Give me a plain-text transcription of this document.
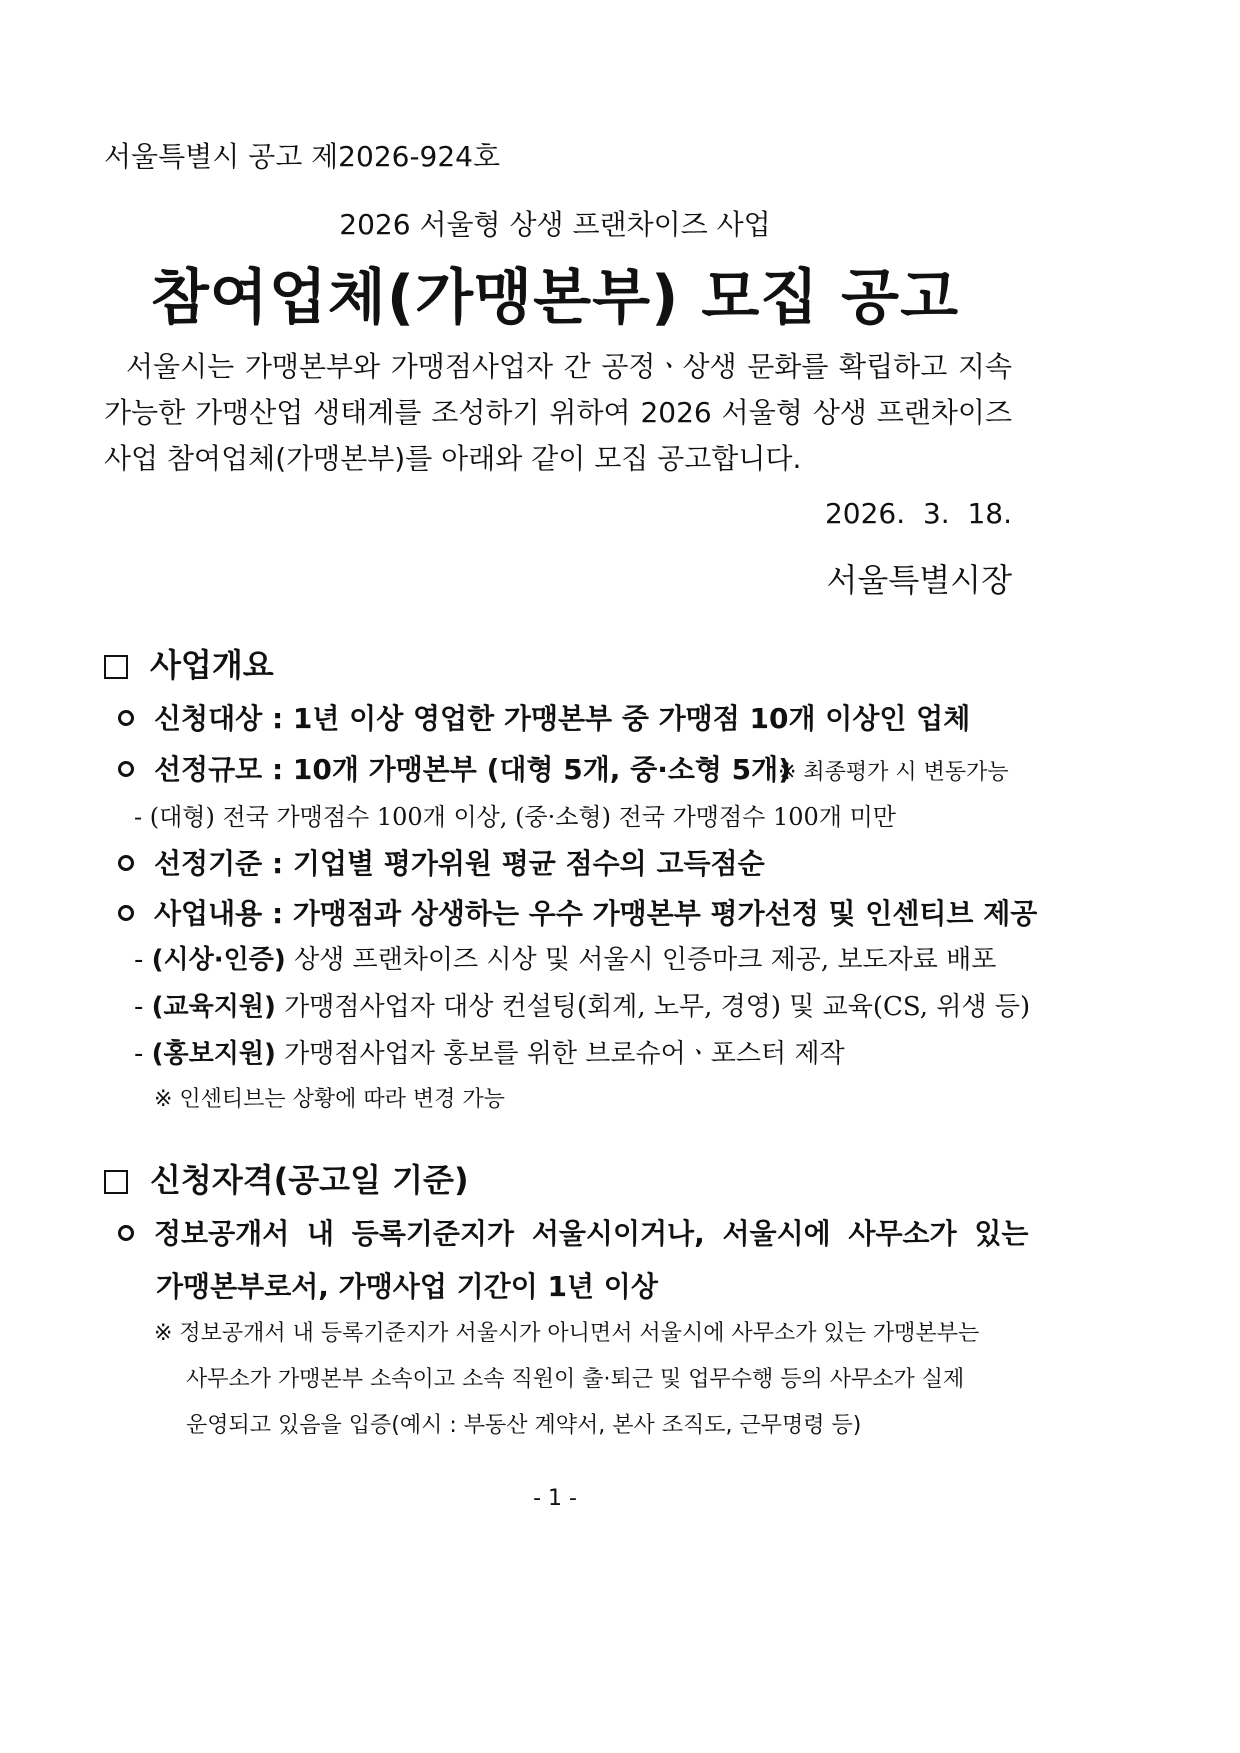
서울특별시 공고 제2026-924호
2026 서울형 상생 프랜차이즈 사업
참여업체(가맹본부) 모집 공고
서울시는 가맹본부와 가맹점사업자 간 공정ㆍ상생 문화를 확립하고 지속
가능한 가맹산업 생태계를 조성하기 위하여 2026 서울형 상생 프랜차이즈
사업 참여업체(가맹본부)를 아래와 같이 모집 공고합니다.
2026.  3.  18.
서울특별시장
사업개요
신청대상 : 1년 이상 영업한 가맹본부 중 가맹점 10개 이상인 업체
선정규모 : 10개 가맹본부 (대형 5개, 중·소형 5개)
※ 최종평가 시 변동가능
- (대형) 전국 가맹점수 100개 이상, (중·소형) 전국 가맹점수 100개 미만
선정기준 : 기업별 평가위원 평균 점수의 고득점순
사업내용 : 가맹점과 상생하는 우수 가맹본부 평가선정 및 인센티브 제공
- (시상·인증) 상생 프랜차이즈 시상 및 서울시 인증마크 제공, 보도자료 배포
- (교육지원) 가맹점사업자 대상 컨설팅(회계, 노무, 경영) 및 교육(CS, 위생 등)
- (홍보지원) 가맹점사업자 홍보를 위한 브로슈어ㆍ포스터 제작
※ 인센티브는 상황에 따라 변경 가능
신청자격(공고일 기준)
정보공개서 내 등록기준지가 서울시이거나, 서울시에 사무소가 있는
가맹본부로서, 가맹사업 기간이 1년 이상
※ 정보공개서 내 등록기준지가 서울시가 아니면서 서울시에 사무소가 있는 가맹본부는
사무소가 가맹본부 소속이고 소속 직원이 출·퇴근 및 업무수행 등의 사무소가 실제
운영되고 있음을 입증(예시 : 부동산 계약서, 본사 조직도, 근무명령 등)
- 1 -
